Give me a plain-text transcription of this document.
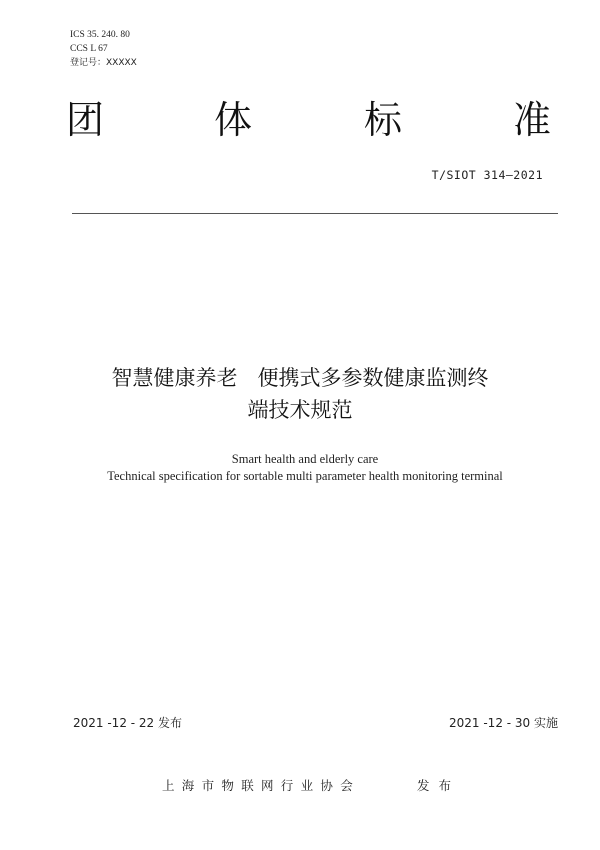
ICS 35. 240. 80
CCS L 67
登记号：XXXXX
团	体	标	准
T/SIOT 314—2021
智慧健康养老   便携式多参数健康监测终
端技术规范
Smart health and elderly care
Technical specification for sortable multi parameter health monitoring terminal
2021 -12 - 22 发布	2021 -12 - 30 实施
上海市物联网行业协会	发布
